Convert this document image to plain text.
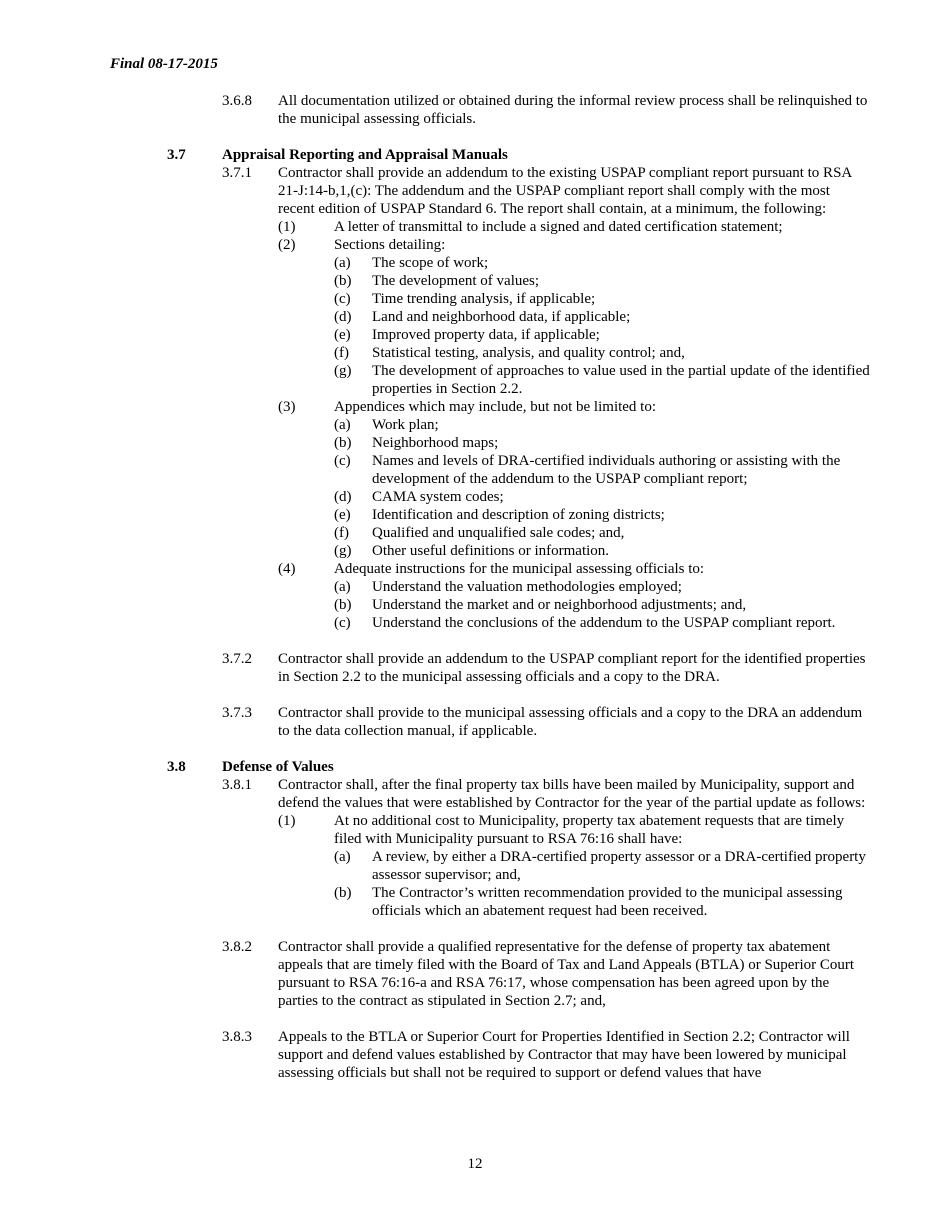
Final 08-17-2015
3.6.8 All documentation utilized or obtained during the informal review process shall be relinquished to the municipal assessing officials.
3.7 Appraisal Reporting and Appraisal Manuals
3.7.1 Contractor shall provide an addendum to the existing USPAP compliant report pursuant to RSA 21-J:14-b,1,(c): The addendum and the USPAP compliant report shall comply with the most recent edition of USPAP Standard 6. The report shall contain, at a minimum, the following:
(1)	A letter of transmittal to include a signed and dated certification statement;
(2)	Sections detailing:
(a) The scope of work;
(b) The development of values;
(c) Time trending analysis, if applicable;
(d) Land and neighborhood data, if applicable;
(e) Improved property data, if applicable;
(f) Statistical testing, analysis, and quality control; and,
(g) The development of approaches to value used in the partial update of the identified properties in Section 2.2.
(3)	Appendices which may include, but not be limited to:
(a) Work plan;
(b) Neighborhood maps;
(c) Names and levels of DRA-certified individuals authoring or assisting with the development of the addendum to the USPAP compliant report;
(d) CAMA system codes;
(e) Identification and description of zoning districts;
(f) Qualified and unqualified sale codes; and,
(g) Other useful definitions or information.
(4)	Adequate instructions for the municipal assessing officials to:
(a) Understand the valuation methodologies employed;
(b) Understand the market and or neighborhood adjustments; and,
(c) Understand the conclusions of the addendum to the USPAP compliant report.
3.7.2 Contractor shall provide an addendum to the USPAP compliant report for the identified properties in Section 2.2 to the municipal assessing officials and a copy to the DRA.
3.7.3 Contractor shall provide to the municipal assessing officials and a copy to the DRA an addendum to the data collection manual, if applicable.
3.8 Defense of Values
3.8.1 Contractor shall, after the final property tax bills have been mailed by Municipality, support and defend the values that were established by Contractor for the year of the partial update as follows:
(1)	At no additional cost to Municipality, property tax abatement requests that are timely filed with Municipality pursuant to RSA 76:16 shall have:
(a) A review, by either a DRA-certified property assessor or a DRA-certified property assessor supervisor; and,
(b) The Contractor’s written recommendation provided to the municipal assessing officials which an abatement request had been received.
3.8.2 Contractor shall provide a qualified representative for the defense of property tax abatement appeals that are timely filed with the Board of Tax and Land Appeals (BTLA) or Superior Court pursuant to RSA 76:16-a and RSA 76:17, whose compensation has been agreed upon by the parties to the contract as stipulated in Section 2.7; and,
3.8.3 Appeals to the BTLA or Superior Court for Properties Identified in Section 2.2; Contractor will support and defend values established by Contractor that may have been lowered by municipal assessing officials but shall not be required to support or defend values that have
12
